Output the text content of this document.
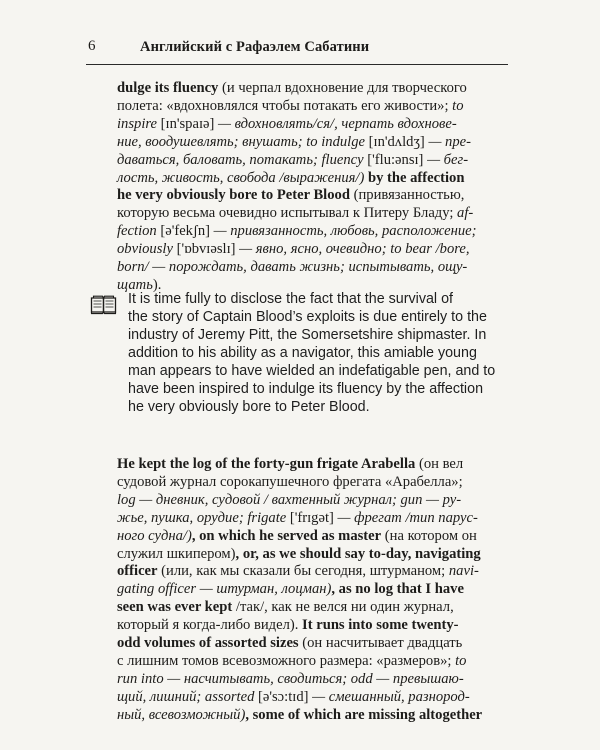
6	Английский с Рафаэлем Сабатини
dulge its fluency (и черпал вдохновение для творческого
полета: «вдохновлялся чтобы потакать его живости»; to
inspire [ɪn'spaɪə] — вдохновлять/ся/, черпать вдохнове-
ние, воодушевлять; внушать; to indulge [ɪn'dʌldʒ] — пре-
даваться, баловать, потакать; fluency ['flu:ənsɪ] — бег-
лость, живость, свобода /выражения/) by the affection
he very obviously bore to Peter Blood (привязанностью,
которую весьма очевидно испытывал к Питеру Бладу; af-
fection [ə'fekʃn] — привязанность, любовь, расположение;
obviously ['ɒbvɪəslɪ] — явно, ясно, очевидно; to bear /bore,
born/ — порождать, давать жизнь; испытывать, ощу-
щать).
It is time fully to disclose the fact that the survival of
the story of Captain Blood’s exploits is due entirely to the
industry of Jeremy Pitt, the Somersetshire shipmaster. In
addition to his ability as a navigator, this amiable young
man appears to have wielded an indefatigable pen, and to
have been inspired to indulge its fluency by the affection
he very obviously bore to Peter Blood.
He kept the log of the forty-gun frigate Arabella (он вел
судовой журнал сорокапушечного фрегата «Арабелла»;
log — дневник, судовой / вахтенный журнал; gun — ру-
жье, пушка, орудие; frigate ['frɪgət] — фрегат /тип парус-
ного судна/), on which he served as master (на котором он
служил шкипером), or, as we should say to-day, navigating
officer (или, как мы сказали бы сегодня, штурманом; navi-
gating officer — штурман, лоцман), as no log that I have
seen was ever kept /так/, как не велся ни один журнал,
который я когда-либо видел). It runs into some twenty-
odd volumes of assorted sizes (он насчитывает двадцать
с лишним томов всевозможного размера: «размеров»; to
run into — насчитывать, сводиться; odd — превышаю-
щий, лишний; assorted [ə'sɔ:tɪd] — смешанный, разнород-
ный, всевозможный), some of which are missing altogether
